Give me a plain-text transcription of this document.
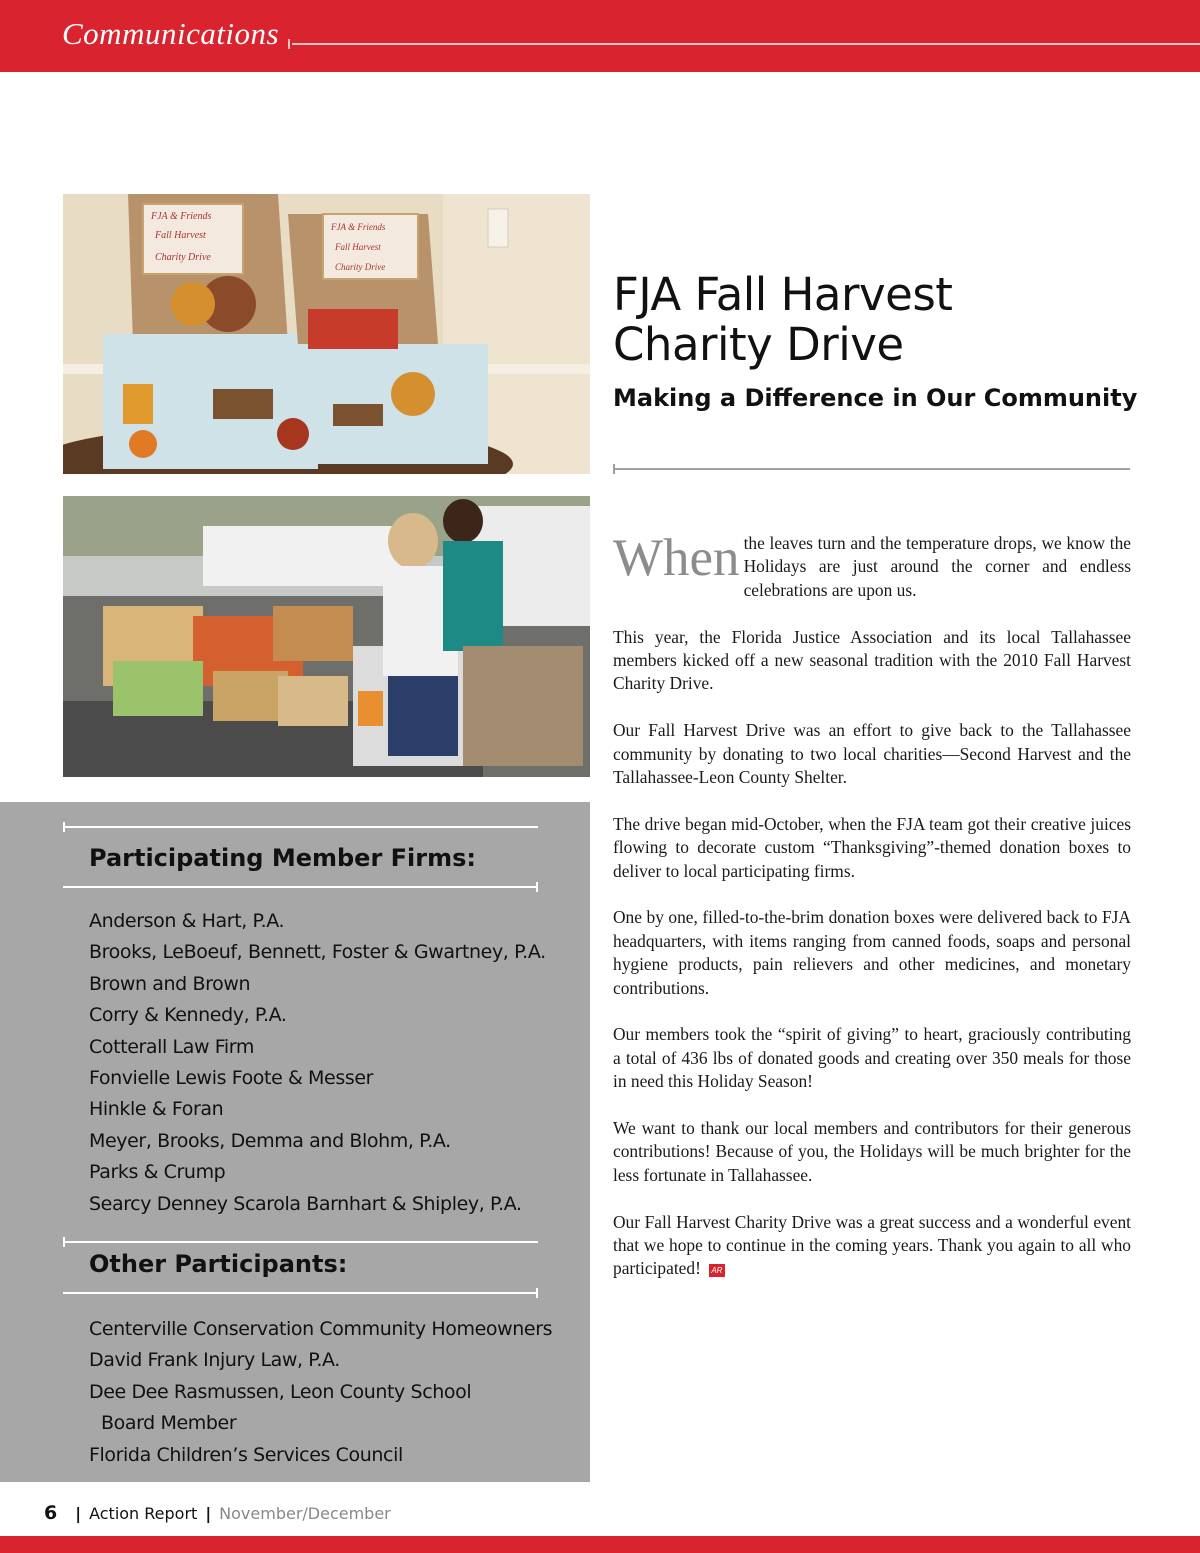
Communications
FJA & Friends
Fall Harvest
Charity Drive
FJA & Friends
Fall Harvest
Charity Drive
FJA Fall Harvest
Charity Drive
Making a Difference in Our Community

When the leaves turn and the temperature drops, we know the Holidays are just around the corner and endless celebrations are upon us.

This year, the Florida Justice Association and its local Tallahassee members kicked off a new seasonal tradition with the 2010 Fall Harvest Charity Drive.

Our Fall Harvest Drive was an effort to give back to the Tallahassee community by donating to two local charities—Second Harvest and the Tallahassee-Leon County Shelter.

The drive began mid-October, when the FJA team got their creative juices flowing to decorate custom “Thanksgiving”-themed donation boxes to deliver to local participating firms.

One by one, filled-to-the-brim donation boxes were delivered back to FJA headquarters, with items ranging from canned foods, soaps and personal hygiene products, pain relievers and other medicines, and monetary contributions.

Our members took the “spirit of giving” to heart, graciously contributing a total of 436 lbs of donated goods and creating over 350 meals for those in need this Holiday Season!

We want to thank our local members and contributors for their generous contributions! Because of you, the Holidays will be much brighter for the less fortunate in Tallahassee.

Our Fall Harvest Charity Drive was a great success and a wonderful event that we hope to continue in the coming years. Thank you again to all who participated! AR

Participating Member Firms:
Anderson & Hart, P.A.
Brooks, LeBoeuf, Bennett, Foster & Gwartney, P.A.
Brown and Brown
Corry & Kennedy, P.A.
Cotterall Law Firm
Fonvielle Lewis Foote & Messer
Hinkle & Foran
Meyer, Brooks, Demma and Blohm, P.A.
Parks & Crump
Searcy Denney Scarola Barnhart & Shipley, P.A.
Other Participants:
Centerville Conservation Community Homeowners
David Frank Injury Law, P.A.
Dee Dee Rasmussen, Leon County School
Board Member
Florida Children’s Services Council
6 | Action Report | November/December
